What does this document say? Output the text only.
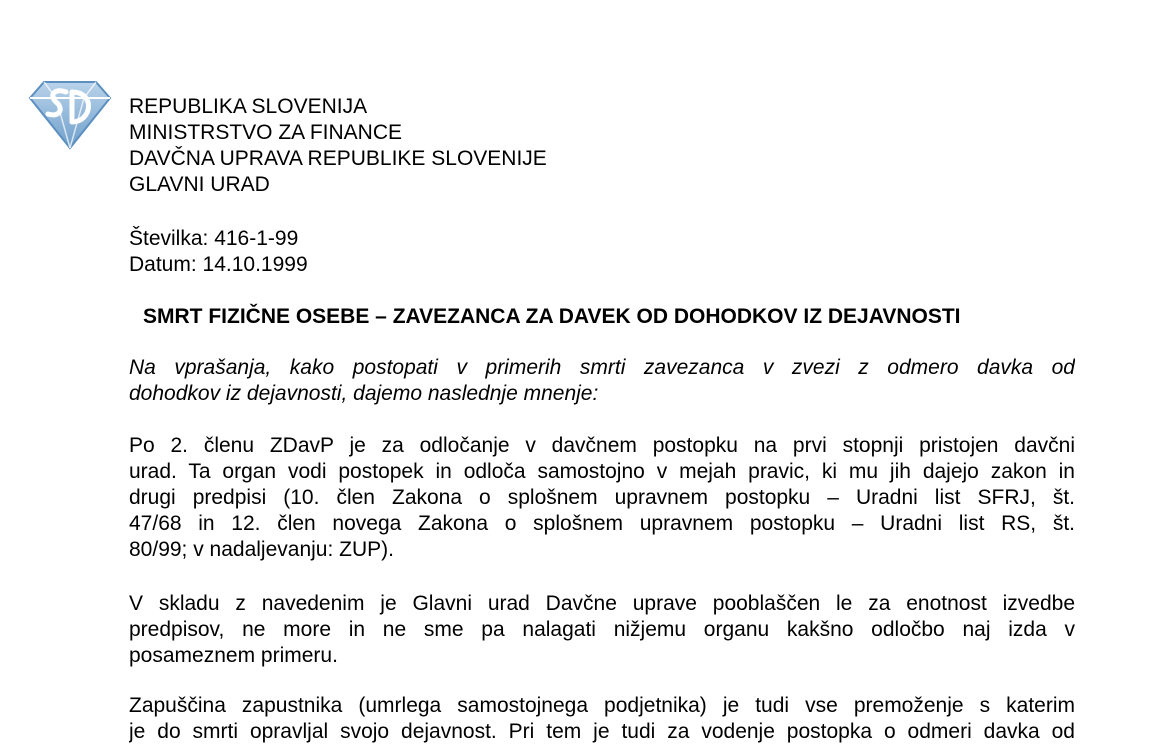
REPUBLIKA SLOVENIJA
MINISTRSTVO ZA FINANCE
DAVČNA UPRAVA REPUBLIKE SLOVENIJE
GLAVNI URAD
Številka: 416-1-99
Datum: 14.10.1999
SMRT FIZIČNE OSEBE – ZAVEZANCA ZA DAVEK OD DOHODKOV IZ DEJAVNOSTI
Na vprašanja, kako postopati v primerih smrti zavezanca v zvezi z odmero davka od
dohodkov iz dejavnosti, dajemo naslednje mnenje:
Po 2. členu ZDavP je za odločanje v davčnem postopku na prvi stopnji pristojen davčni
urad. Ta organ vodi postopek in odloča samostojno v mejah pravic, ki mu jih dajejo zakon in
drugi predpisi (10. člen Zakona o splošnem upravnem postopku – Uradni list SFRJ, št.
47/68 in 12. člen novega Zakona o splošnem upravnem postopku – Uradni list RS, št.
80/99; v nadaljevanju: ZUP).
V skladu z navedenim je Glavni urad Davčne uprave pooblaščen le za enotnost izvedbe
predpisov, ne more in ne sme pa nalagati nižjemu organu kakšno odločbo naj izda v
posameznem primeru.
Zapuščina zapustnika (umrlega samostojnega podjetnika) je tudi vse premoženje s katerim
je do smrti opravljal svojo dejavnost. Pri tem je tudi za vodenje postopka o odmeri davka od
